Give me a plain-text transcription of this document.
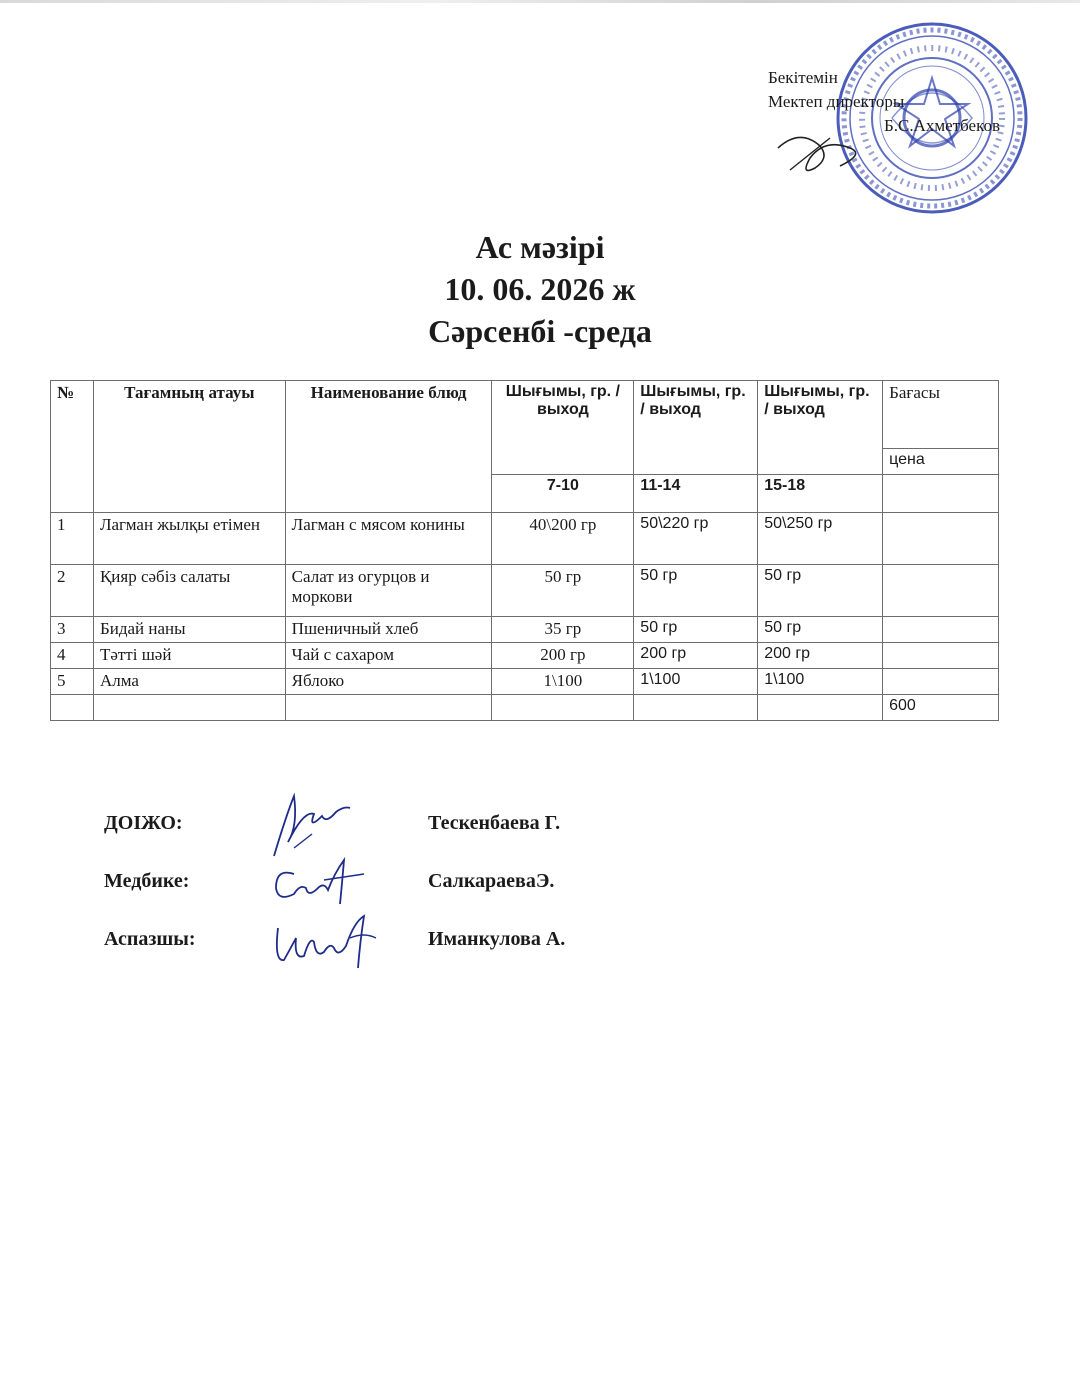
Бекітемін
Мектеп директоры
Б.С.Ахметбеков
Ас мәзірі
10. 06. 2026 ж
Сәрсенбі -среда
№	Тағамның атауы	Наименование блюд	Шығымы, гр. / выход	Шығымы, гр. / выход	Шығымы, гр. / выход	Бағасы
						цена
			7-10	11-14	15-18	
1	Лагман жылқы етімен	Лагман с мясом конины	40\200 гр	50\220 гр	50\250 гр	
2	Қияр сәбіз салаты	Салат из огурцов и моркови	50 гр	50 гр	50 гр	
3	Бидай наны	Пшеничный хлеб	35 гр	50 гр	50 гр	
4	Тәтті шәй	Чай с сахаром	200 гр	200 гр	200 гр	
5	Алма	Яблоко	1\100	1\100	1\100	
						600
ДОІЖО:	Тескенбаева Г.
Медбике:	СалкараеваЭ.
Аспазшы:	Иманкулова А.
